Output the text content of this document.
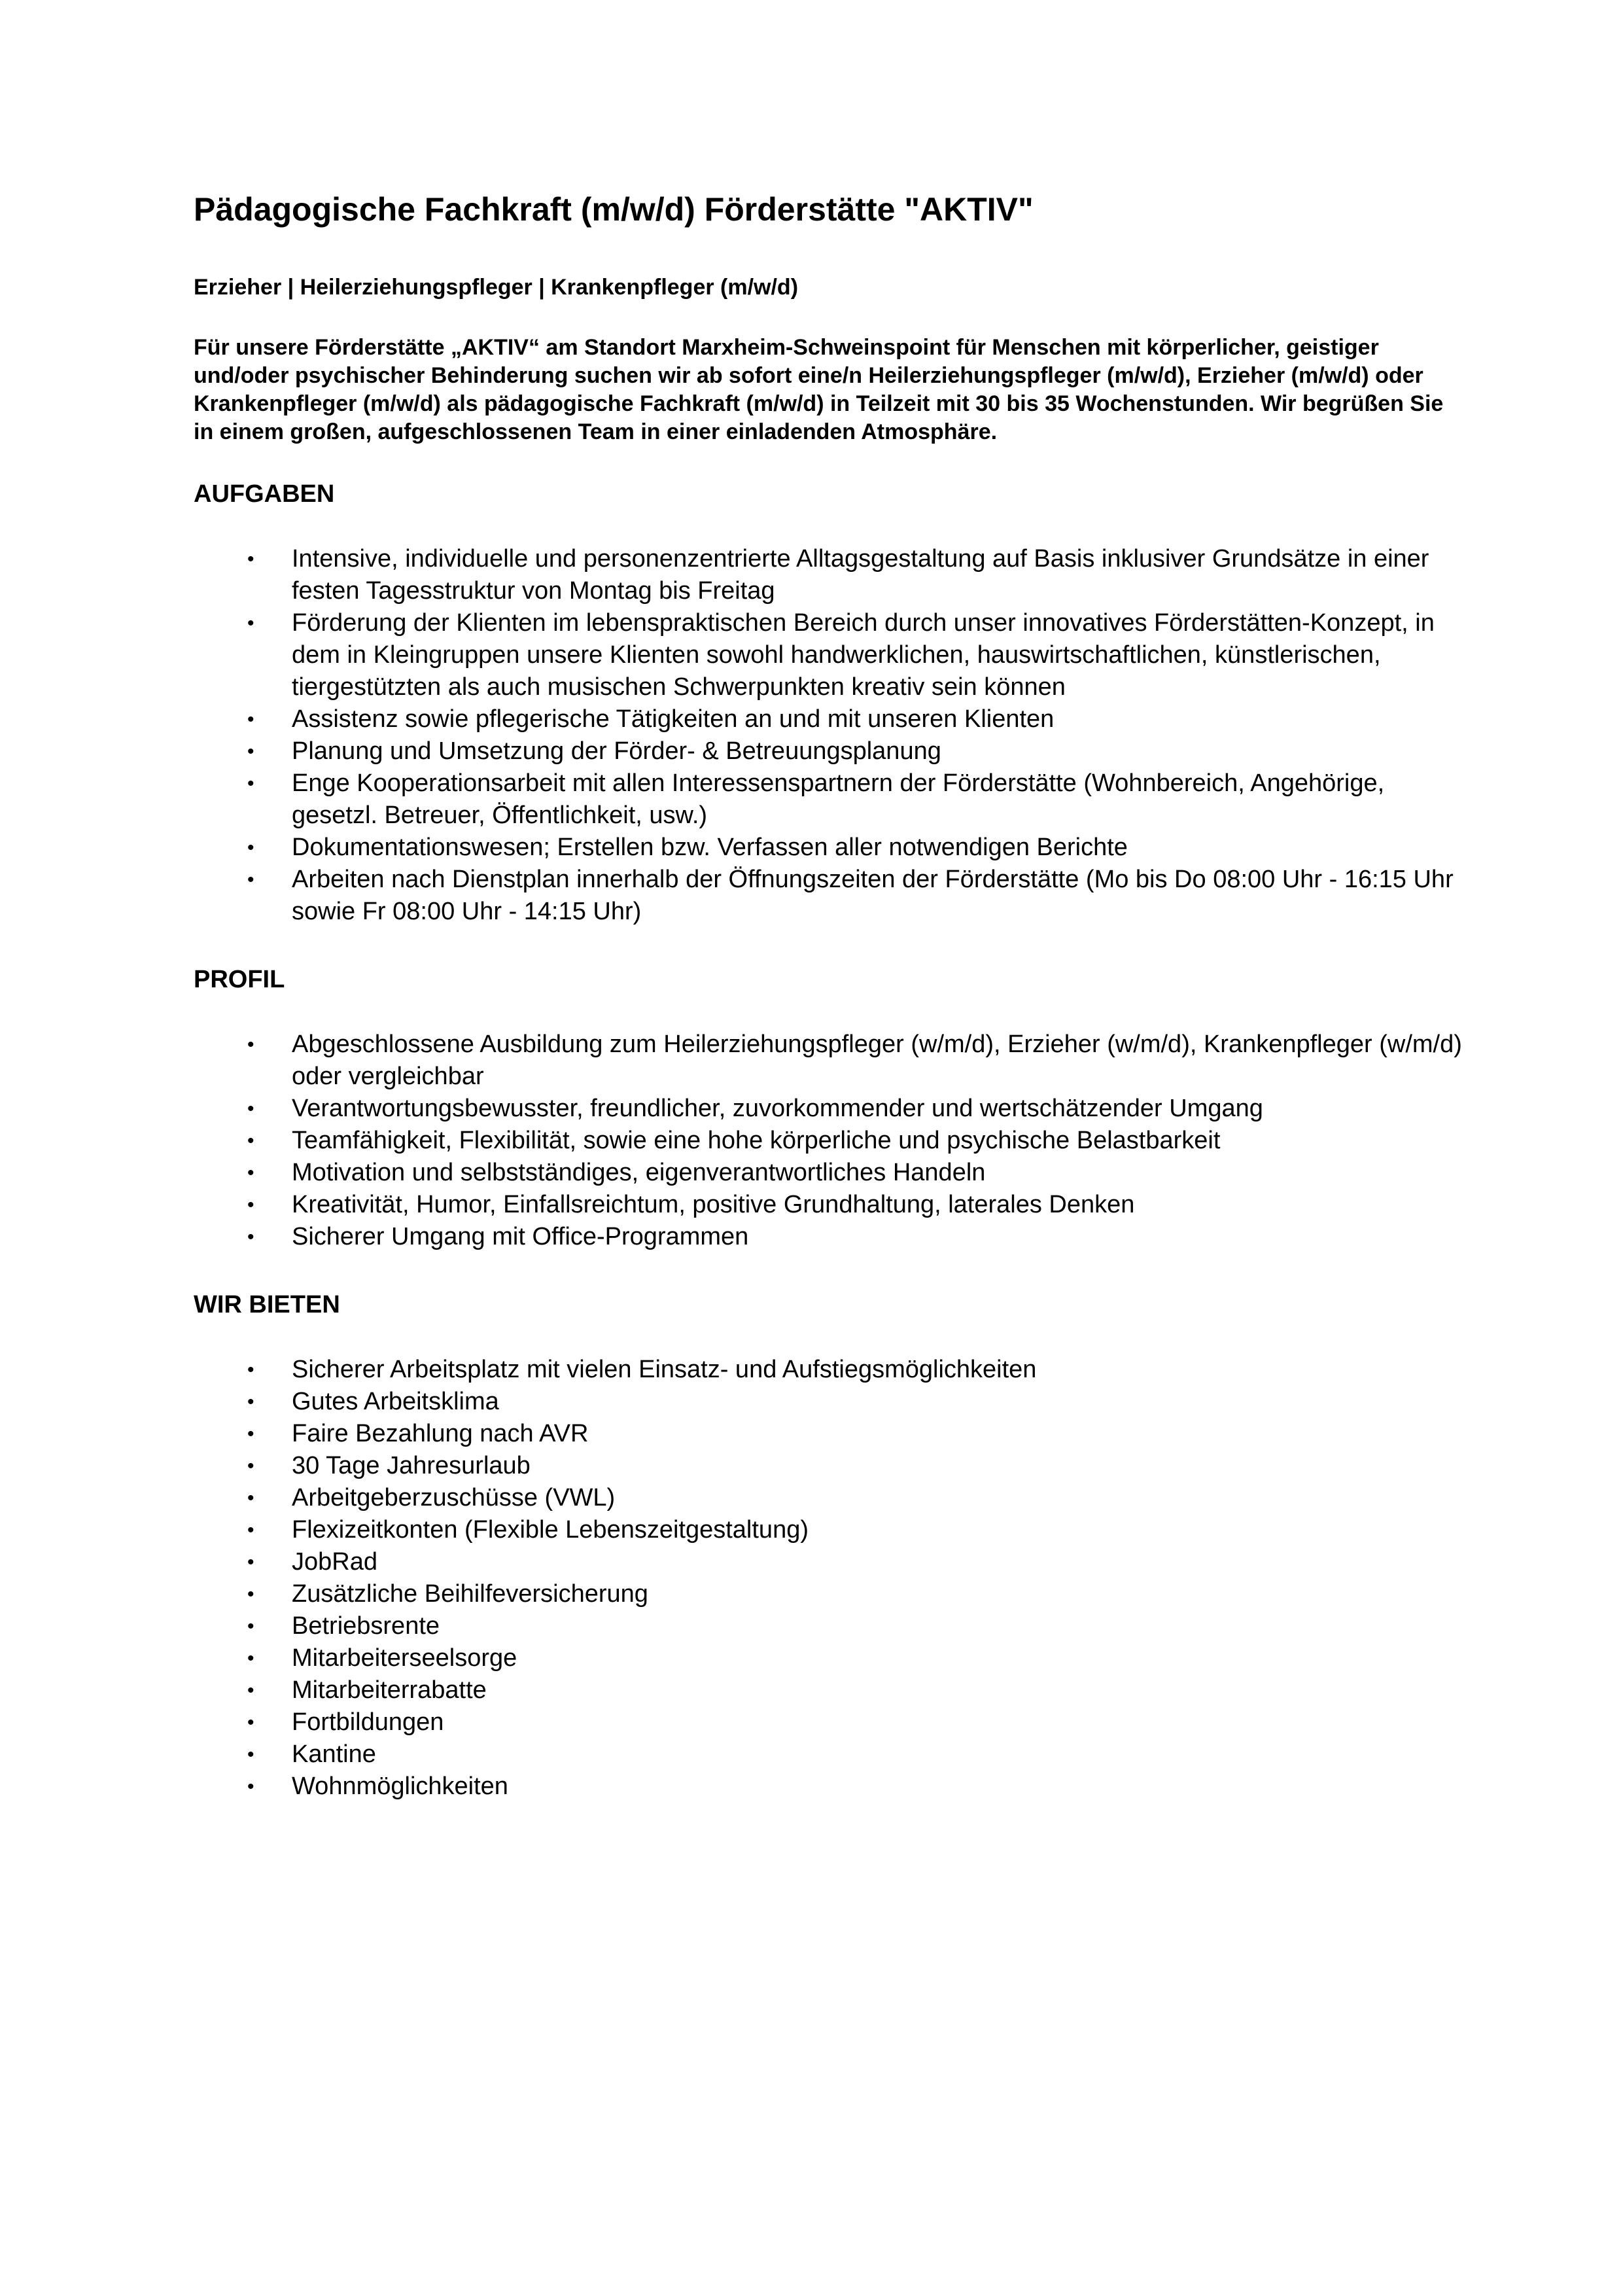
Pädagogische Fachkraft (m/w/d) Förderstätte "AKTIV"
Erzieher | Heilerziehungspfleger | Krankenpfleger (m/w/d)
Für unsere Förderstätte „AKTIV“ am Standort Marxheim-Schweinspoint für Menschen mit körperlicher, geistiger und/oder psychischer Behinderung suchen wir ab sofort eine/n Heilerziehungspfleger (m/w/d), Erzieher (m/w/d) oder Krankenpfleger (m/w/d) als pädagogische Fachkraft (m/w/d) in Teilzeit mit 30 bis 35 Wochenstunden. Wir begrüßen Sie in einem großen, aufgeschlossenen Team in einer einladenden Atmosphäre.
AUFGABEN
• Intensive, individuelle und personenzentrierte Alltagsgestaltung auf Basis inklusiver Grundsätze in einer festen Tagesstruktur von Montag bis Freitag
• Förderung der Klienten im lebenspraktischen Bereich durch unser innovatives Förderstätten-Konzept, in dem in Kleingruppen unsere Klienten sowohl handwerklichen, hauswirtschaftlichen, künstlerischen, tiergestützten als auch musischen Schwerpunkten kreativ sein können
• Assistenz sowie pflegerische Tätigkeiten an und mit unseren Klienten
• Planung und Umsetzung der Förder- & Betreuungsplanung
• Enge Kooperationsarbeit mit allen Interessenspartnern der Förderstätte (Wohnbereich, Angehörige, gesetzl. Betreuer, Öffentlichkeit, usw.)
• Dokumentationswesen; Erstellen bzw. Verfassen aller notwendigen Berichte
• Arbeiten nach Dienstplan innerhalb der Öffnungszeiten der Förderstätte (Mo bis Do 08:00 Uhr - 16:15 Uhr sowie Fr 08:00 Uhr - 14:15 Uhr)
PROFIL
• Abgeschlossene Ausbildung zum Heilerziehungspfleger (w/m/d), Erzieher (w/m/d), Krankenpfleger (w/m/d) oder vergleichbar
• Verantwortungsbewusster, freundlicher, zuvorkommender und wertschätzender Umgang
• Teamfähigkeit, Flexibilität, sowie eine hohe körperliche und psychische Belastbarkeit
• Motivation und selbstständiges, eigenverantwortliches Handeln
• Kreativität, Humor, Einfallsreichtum, positive Grundhaltung, laterales Denken
• Sicherer Umgang mit Office-Programmen
WIR BIETEN
• Sicherer Arbeitsplatz mit vielen Einsatz- und Aufstiegsmöglichkeiten
• Gutes Arbeitsklima
• Faire Bezahlung nach AVR
• 30 Tage Jahresurlaub
• Arbeitgeberzuschüsse (VWL)
• Flexizeitkonten (Flexible Lebenszeitgestaltung)
• JobRad
• Zusätzliche Beihilfeversicherung
• Betriebsrente
• Mitarbeiterseelsorge
• Mitarbeiterrabatte
• Fortbildungen
• Kantine
• Wohnmöglichkeiten
